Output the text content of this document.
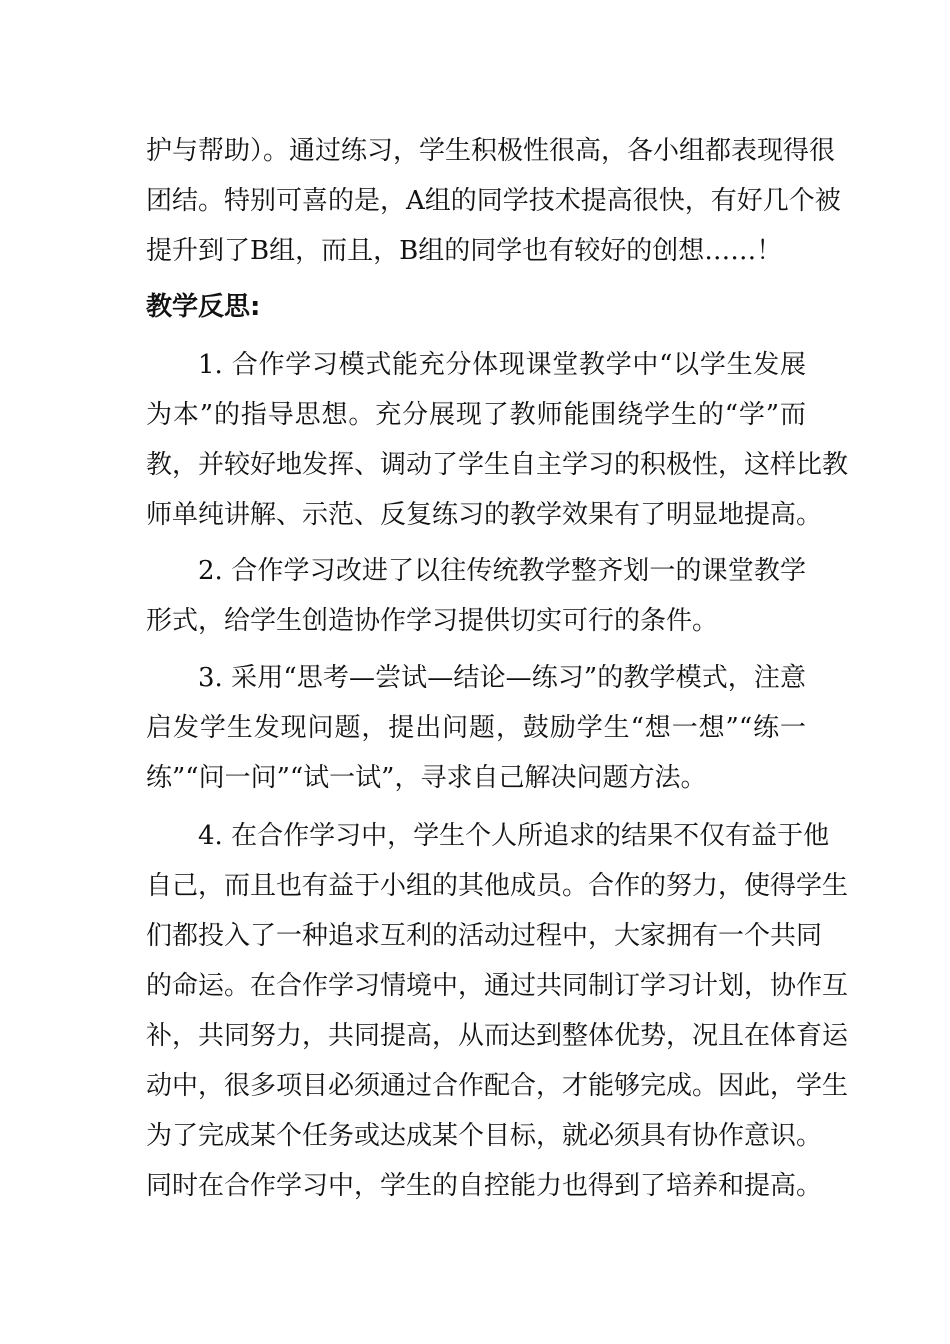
护与帮助）。通过练习，学生积极性很高，各小组都表现得很
团结。特别可喜的是，A组的同学技术提高很快，有好几个被
提升到了B组，而且，B组的同学也有较好的创想……！
教学反思:
1. 合作学习模式能充分体现课堂教学中“以学生发展
为本”的指导思想。充分展现了教师能围绕学生的“学”而
教，并较好地发挥、调动了学生自主学习的积极性，这样比教
师单纯讲解、示范、反复练习的教学效果有了明显地提高。
2. 合作学习改进了以往传统教学整齐划一的课堂教学
形式，给学生创造协作学习提供切实可行的条件。
3. 采用“思考—尝试—结论—练习”的教学模式，注意
启发学生发现问题，提出问题，鼓励学生“想一想”“练一
练”“问一问”“试一试”，寻求自己解决问题方法。
4. 在合作学习中，学生个人所追求的结果不仅有益于他
自己，而且也有益于小组的其他成员。合作的努力，使得学生
们都投入了一种追求互利的活动过程中，大家拥有一个共同
的命运。在合作学习情境中，通过共同制订学习计划，协作互
补，共同努力，共同提高，从而达到整体优势，况且在体育运
动中，很多项目必须通过合作配合，才能够完成。因此，学生
为了完成某个任务或达成某个目标，就必须具有协作意识。
同时在合作学习中，学生的自控能力也得到了培养和提高。
